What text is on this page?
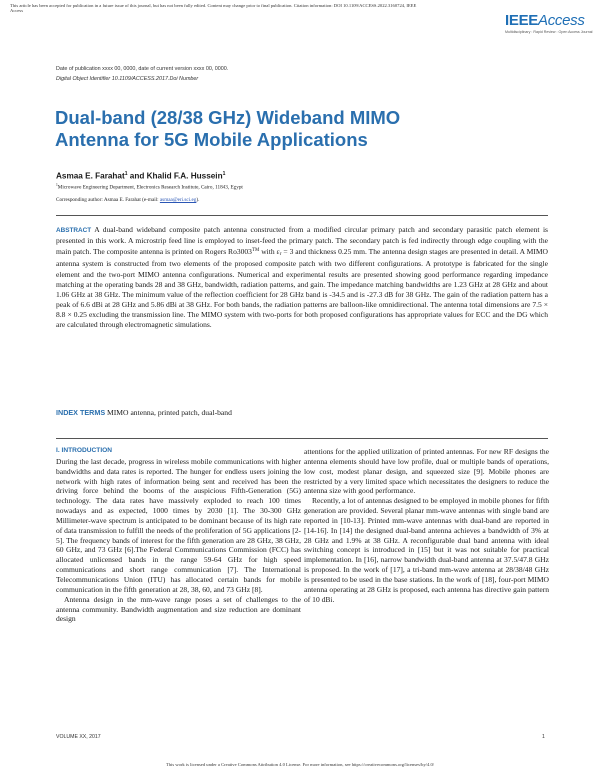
This article has been accepted for publication in a future issue of this journal, but has not been fully edited. Content may change prior to final publication. Citation information: DOI 10.1109/ACCESS.2022.3160724, IEEE Access
IEEEAccess
Multidisciplinary : Rapid Review : Open Access Journal
Date of publication xxxx 00, 0000, date of current version xxxx 00, 0000.
Digital Object Identifier 10.1109/ACCESS.2017.Doi Number
Dual-band (28/38 GHz) Wideband MIMO Antenna for 5G Mobile Applications
Asmaa E. Farahat$^1$ and Khalid F.A. Hussein$^1$
$^1$Microwave Engineering Department, Electronics Research Institute, Cairo, 11843, Egypt
Corresponding author: Asmaa E. Farahat (e-mail: asmaa@eri.sci.eg).
ABSTRACT A dual-band wideband composite patch antenna constructed from a modified circular primary patch and secondary parasitic patch element is presented in this work. A microstrip feed line is employed to inset-feed the primary patch. The secondary patch is fed indirectly through edge coupling with the main patch. The composite antenna is printed on Rogers Ro3003™ with εr = 3 and thickness 0.25 mm. The antenna design stages are presented in detail. A MIMO antenna system is constructed from two elements of the proposed composite patch with two different configurations. A prototype is fabricated for the single element and the two-port MIMO antenna configurations. Numerical and experimental results are presented showing good performance regarding impedance matching at the operating bands 28 and 38 GHz, bandwidth, radiation patterns, and gain. The impedance matching bandwidths are 1.23 GHz at 28 GHz and about 1.06 GHz at 38 GHz. The minimum value of the reflection coefficient for 28 GHz band is -34.5 and is -27.3 dB for 38 GHz. The gain of the radiation pattern has a peak of 6.6 dBi at 28 GHz and 5.86 dBi at 38 GHz. For both bands, the radiation patterns are balloon-like omnidirectional. The antenna total dimensions are 7.5 × 8.8 × 0.25 excluding the transmission line. The MIMO system with two-ports for both proposed configurations has appropriate values for ECC and the DG which are calculated through electromagnetic simulations.
INDEX TERMS MIMO antenna, printed patch, dual-band
I. INTRODUCTION

During the last decade, progress in wireless mobile communications with higher bandwidths and data rates is reported. The hunger for endless users joining the network with high rates of information being sent and received has been the driving force behind the booms of the auspicious Fifth-Generation (5G) technology. The data rates have massively exploded to reach 100 times nowadays and as expected, 1000 times by 2030 [1]. The 30-300 GHz Millimeter-wave spectrum is anticipated to be dominant because of its high rate of data transmission to fulfill the needs of the proliferation of 5G applications [2-5]. The frequency bands of interest for the fifth generation are 28 GHz, 38 GHz, 60 GHz, and 73 GHz [6].The Federal Communications Commission (FCC) has allocated unlicensed bands in the range 59-64 GHz for high speed communications and short range communication [7]. The International Telecommunications Union (ITU) has allocated certain bands for mobile communication in the fifth generation at 28, 38, 60, and 73 GHz [8].

Antenna design in the mm-wave range poses a set of challenges to the antenna community. Bandwidth augmentation and size reduction are dominant design

attentions for the applied utilization of printed antennas. For new RF designs the antenna elements should have low profile, dual or multiple bands of operations, low cost, modest planar design, and squeezed size [9]. Mobile phones are restricted by a very limited space which necessitates the designers to reduce the antenna size with good performance.

Recently, a lot of antennas designed to be employed in mobile phones for fifth generation are provided. Several planar mm-wave antennas with single band are reported in [10-13]. Printed mm-wave antennas with dual-band are reported in [14-16]. In [14] the designed dual-band antenna achieves a bandwidth of 3% at 28 GHz and 1.9% at 38 GHz. A reconfigurable dual band antenna with ideal switching concept is introduced in [15] but it was not suitable for practical implementation. In [16], narrow bandwidth dual-band antenna at 37.5/47.8 GHz is proposed. In the work of [17], a tri-band mm-wave antenna at 28/38/48 GHz is presented to be used in the base stations. In the work of [18], four-port MIMO antenna operating at 28 GHz is proposed, each antenna has directive gain pattern of 10 dBi.

VOLUME XX, 2017	1
This work is licensed under a Creative Commons Attribution 4.0 License. For more information, see https://creativecommons.org/licenses/by/4.0/
